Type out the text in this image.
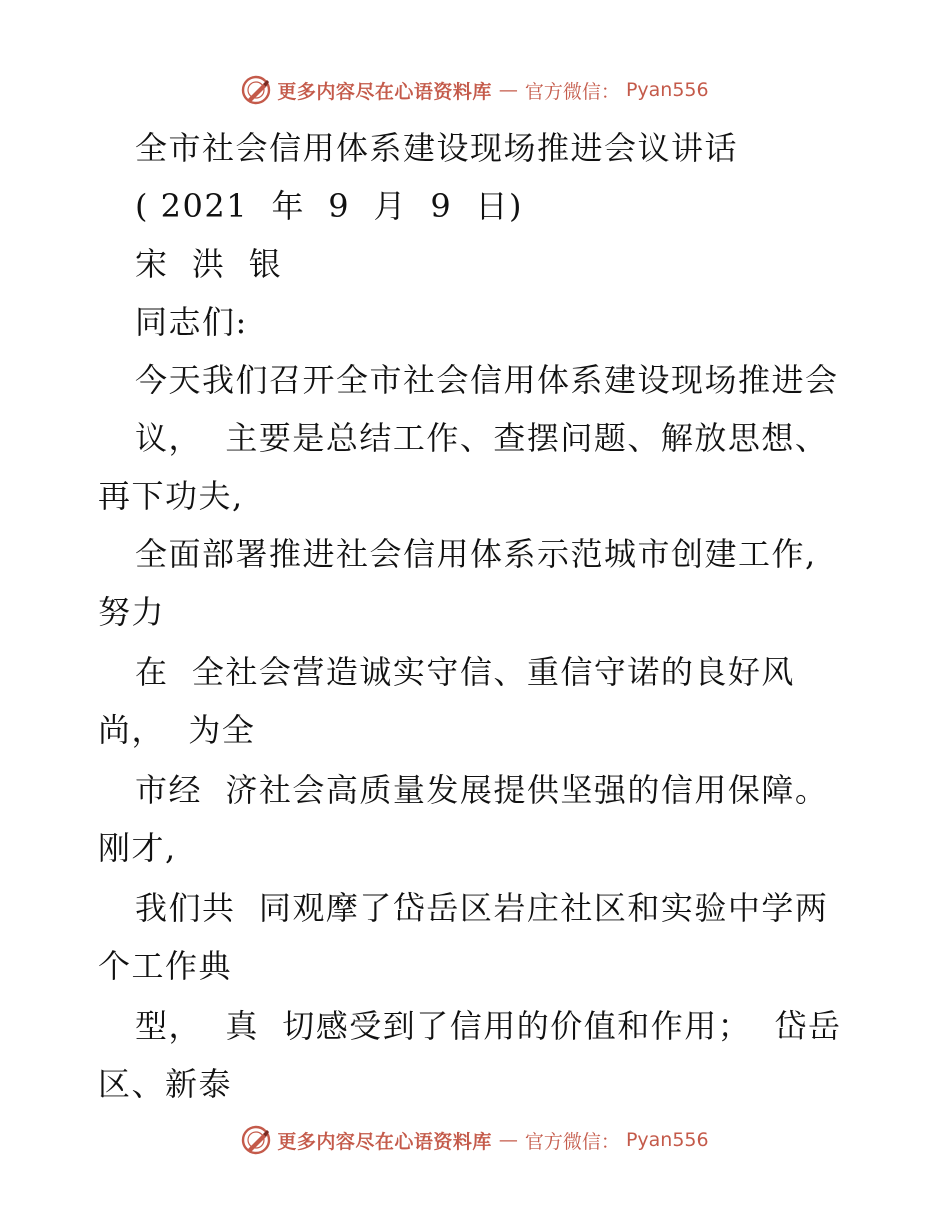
更多内容尽在心语资料库 — 官方微信： Pyan556
全市社会信用体系建设现场推进会议讲话
( 2021  年  9  月  9  日)
宋  洪  银
同志们:
今天我们召开全市社会信用体系建设现场推进会
议，  主要是总结工作、查摆问题、解放思想、
再下功夫,
全面部署推进社会信用体系示范城市创建工作,
努力
在  全社会营造诚实守信、重信守诺的良好风
尚，  为全
市经  济社会高质量发展提供坚强的信用保障。
刚才,
我们共  同观摩了岱岳区岩庄社区和实验中学两
个工作典
型，  真  切感受到了信用的价值和作用；  岱岳
区、新泰
更多内容尽在心语资料库 — 官方微信： Pyan556
